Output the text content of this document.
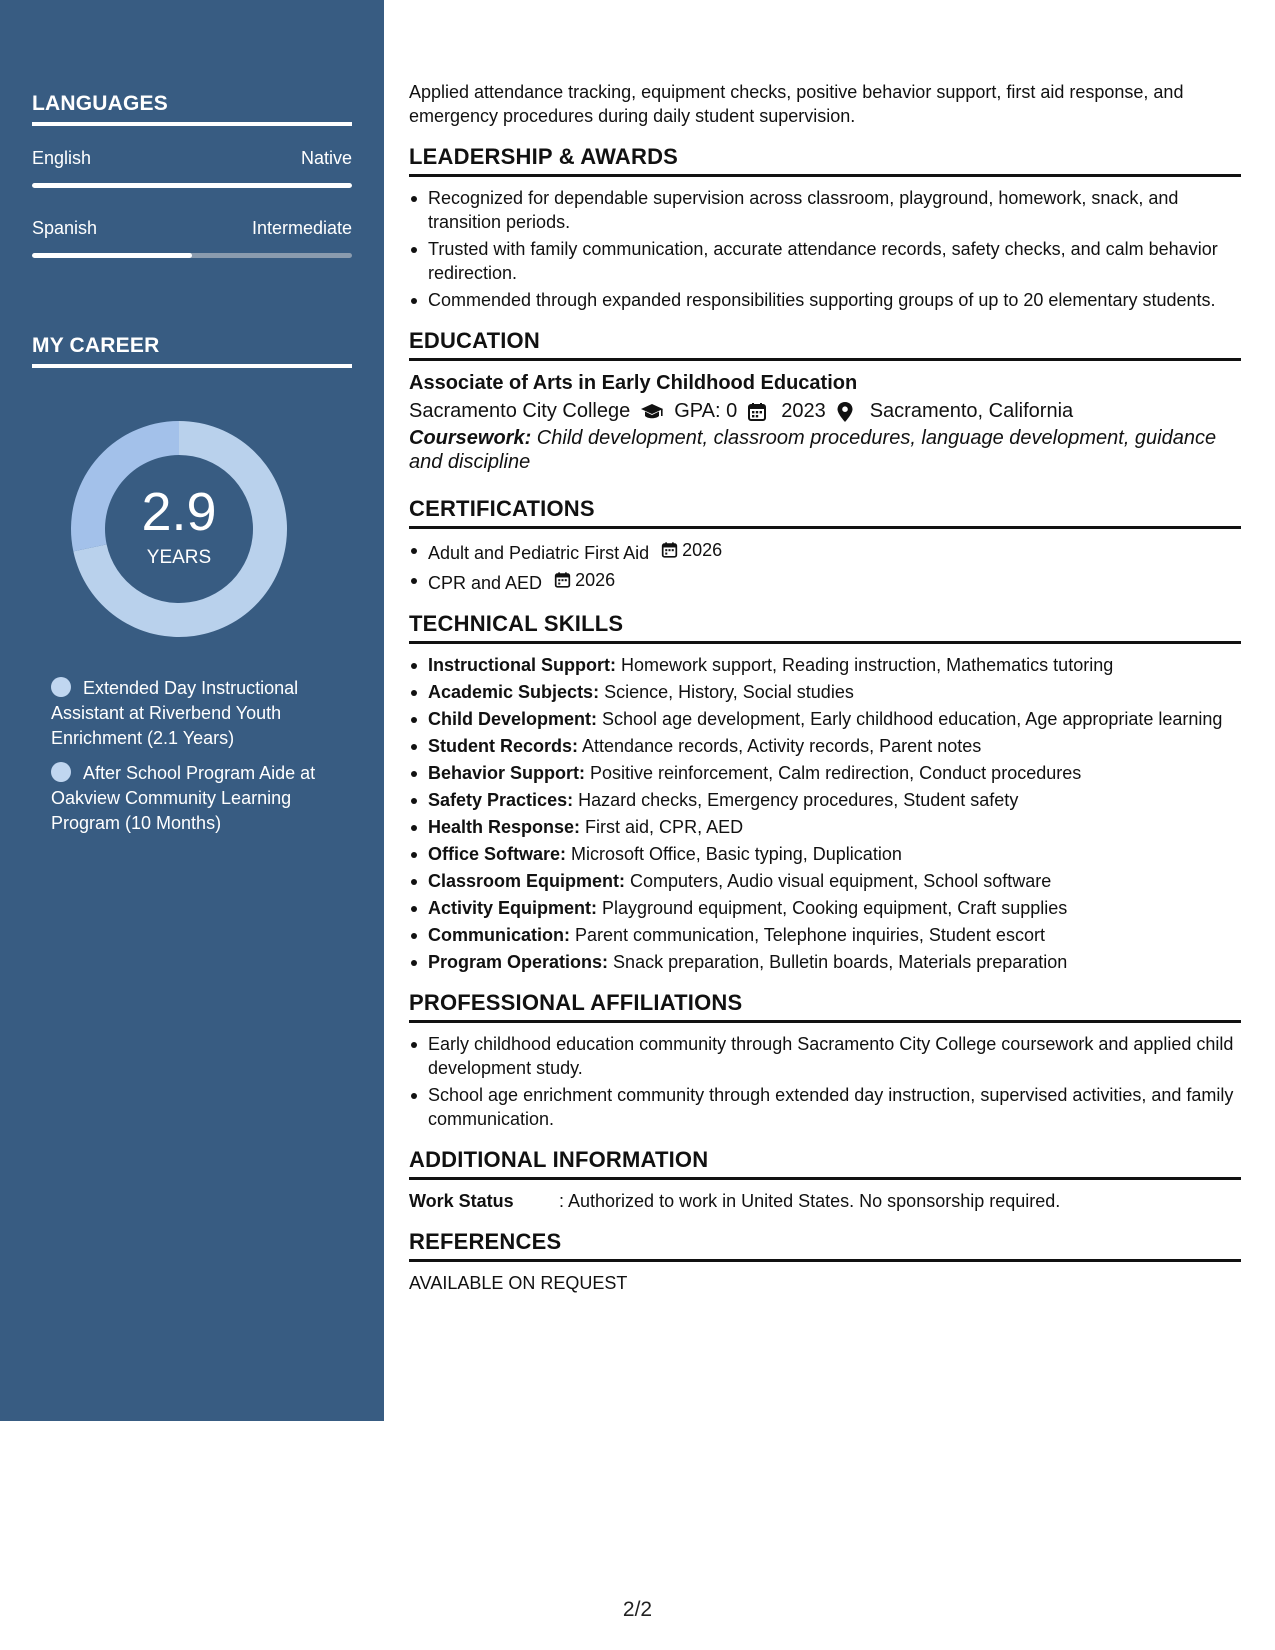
LANGUAGES
English	Native
Spanish	Intermediate
MY CAREER
2.9
YEARS
Extended Day Instructional Assistant at Riverbend Youth Enrichment (2.1 Years)
After School Program Aide at Oakview Community Learning Program (10 Months)

Applied attendance tracking, equipment checks, positive behavior support, first aid response, and emergency procedures during daily student supervision.

LEADERSHIP & AWARDS
Recognized for dependable supervision across classroom, playground, homework, snack, and transition periods.
Trusted with family communication, accurate attendance records, safety checks, and calm behavior redirection.
Commended through expanded responsibilities supporting groups of up to 20 elementary students.
EDUCATION
Associate of Arts in Early Childhood Education
Sacramento City College GPA: 0 2023 Sacramento, California
Coursework: Child development, classroom procedures, language development, guidance and discipline
CERTIFICATIONS
Adult and Pediatric First Aid 2026
CPR and AED 2026
TECHNICAL SKILLS
Instructional Support: Homework support, Reading instruction, Mathematics tutoring
Academic Subjects: Science, History, Social studies
Child Development: School age development, Early childhood education, Age appropriate learning
Student Records: Attendance records, Activity records, Parent notes
Behavior Support: Positive reinforcement, Calm redirection, Conduct procedures
Safety Practices: Hazard checks, Emergency procedures, Student safety
Health Response: First aid, CPR, AED
Office Software: Microsoft Office, Basic typing, Duplication
Classroom Equipment: Computers, Audio visual equipment, School software
Activity Equipment: Playground equipment, Cooking equipment, Craft supplies
Communication: Parent communication, Telephone inquiries, Student escort
Program Operations: Snack preparation, Bulletin boards, Materials preparation
PROFESSIONAL AFFILIATIONS
Early childhood education community through Sacramento City College coursework and applied child development study.
School age enrichment community through extended day instruction, supervised activities, and family communication.
ADDITIONAL INFORMATION
Work Status	: Authorized to work in United States. No sponsorship required.
REFERENCES
AVAILABLE ON REQUEST
2/2
